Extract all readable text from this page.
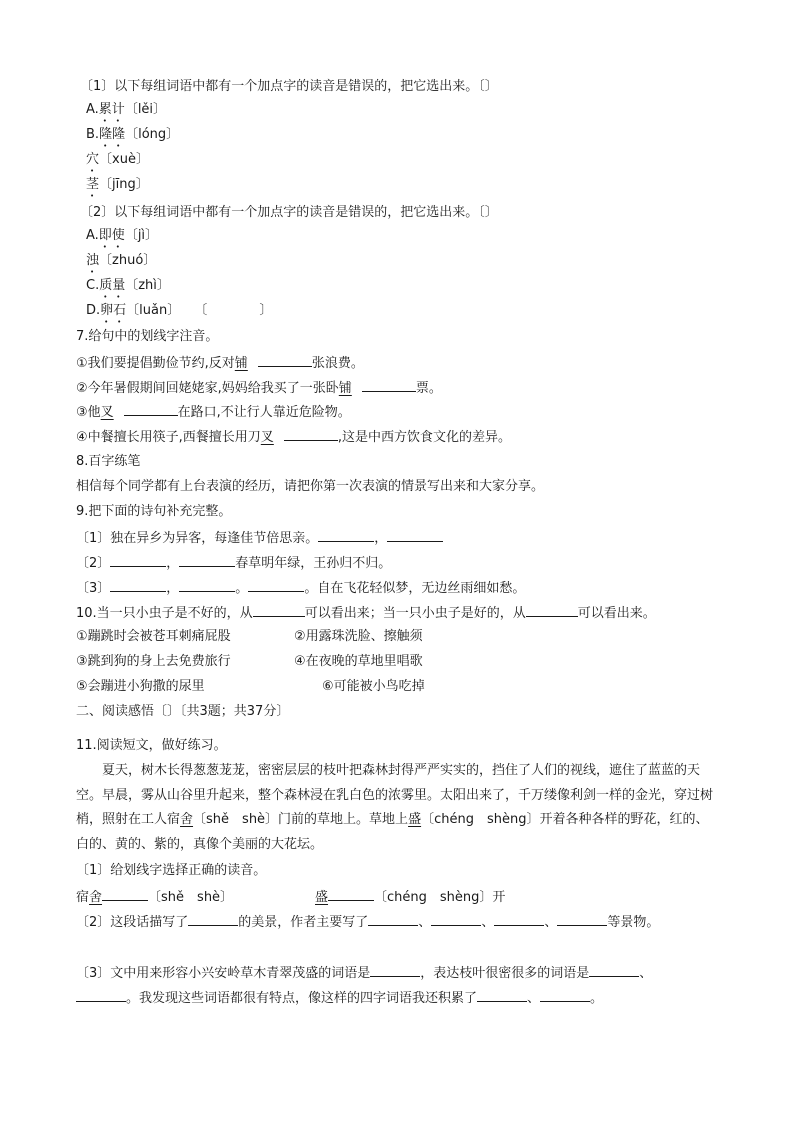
〔1〕以下每组词语中都有一个加点字的读音是错误的，把它选出来。〔〕
A.累计〔lěi〕
B.隆隆〔lóng〕
穴〔xuè〕
茎〔jīng〕
〔2〕以下每组词语中都有一个加点字的读音是错误的，把它选出来。〔〕
A.即使〔jì〕
浊〔zhuó〕
C.质量〔zhì〕
D.卵石〔luǎn〕 〔	〕
7.给句中的划线字注音。
①我们要提倡勤俭节约,反对铺	张浪费。
②今年暑假期间回姥姥家,妈妈给我买了一张卧铺	票。
③他叉	在路口,不让行人靠近危险物。
④中餐擅长用筷子,西餐擅长用刀叉	,这是中西方饮食文化的差异。
8.百字练笔
相信每个同学都有上台表演的经历，请把你第一次表演的情景写出来和大家分享。
9.把下面的诗句补充完整。
〔1〕独在异乡为异客，每逢佳节倍思亲。	，
〔2〕	，	春草明年绿，王孙归不归。
〔3〕	，	。	。自在飞花轻似梦，无边丝雨细如愁。
10.当一只小虫子是不好的，从	可以看出来；当一只小虫子是好的，从	可以看出来。
①蹦跳时会被苍耳刺痛屁股	②用露珠洗脸、擦触须
③跳到狗的身上去免费旅行	④在夜晚的草地里唱歌
⑤会蹦进小狗撒的尿里	⑥可能被小鸟吃掉
二、阅读感悟〔〕〔共3题；共37分〕
11.阅读短文，做好练习。
夏天，树木长得葱葱茏茏，密密层层的枝叶把森林封得严严实实的，挡住了人们的视线，遮住了蓝蓝的天空。早晨，雾从山谷里升起来，整个森林浸在乳白色的浓雾里。太阳出来了，千万缕像利剑一样的金光，穿过树梢，照射在工人宿舍〔shě　shè〕门前的草地上。草地上盛〔chéng　shèng〕开着各种各样的野花，红的、白的、黄的、紫的，真像个美丽的大花坛。
〔1〕给划线字选择正确的读音。
宿舍	〔shě　shè〕	盛	〔chéng　shèng〕开
〔2〕这段话描写了	的美景，作者主要写了	、	、	、	等景物。
〔3〕文中用来形容小兴安岭草木青翠茂盛的词语是	，表达枝叶很密很多的词语是	、
。我发现这些词语都很有特点，像这样的四字词语我还积累了	、	。
